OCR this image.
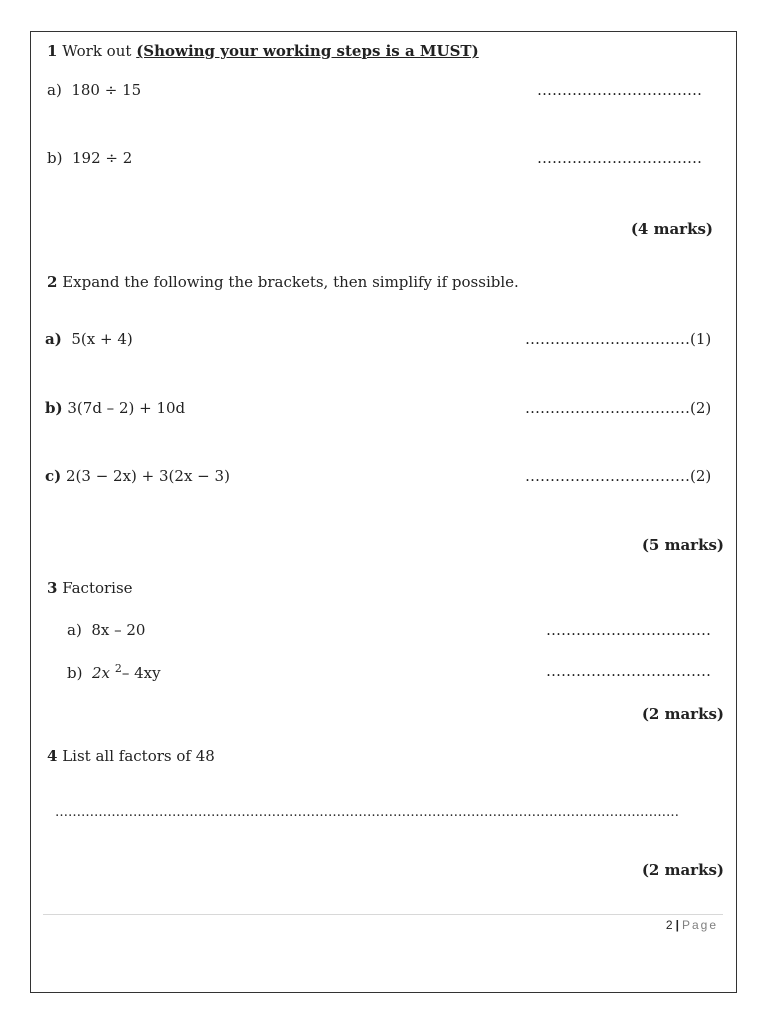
1 Work out (Showing your working steps is a MUST)
a) 180 ÷ 15	……………………………
b) 192 ÷ 2	……………………………
(4 marks)
2 Expand the following the brackets, then simplify if possible.
a) 5(x + 4)	……………………………(1)
b) 3(7d – 2) + 10d	……………………………(2)
c) 2(3 − 2x) + 3(2x − 3)	……………………………(2)
(5 marks)
3 Factorise
a) 8x – 20	……………………………
b) 2x $^2$– 4xy	……………………………
(2 marks)
4 List all factors of 48
………………………………………………………………………………………………………………………………
(2 marks)
2 | Page
